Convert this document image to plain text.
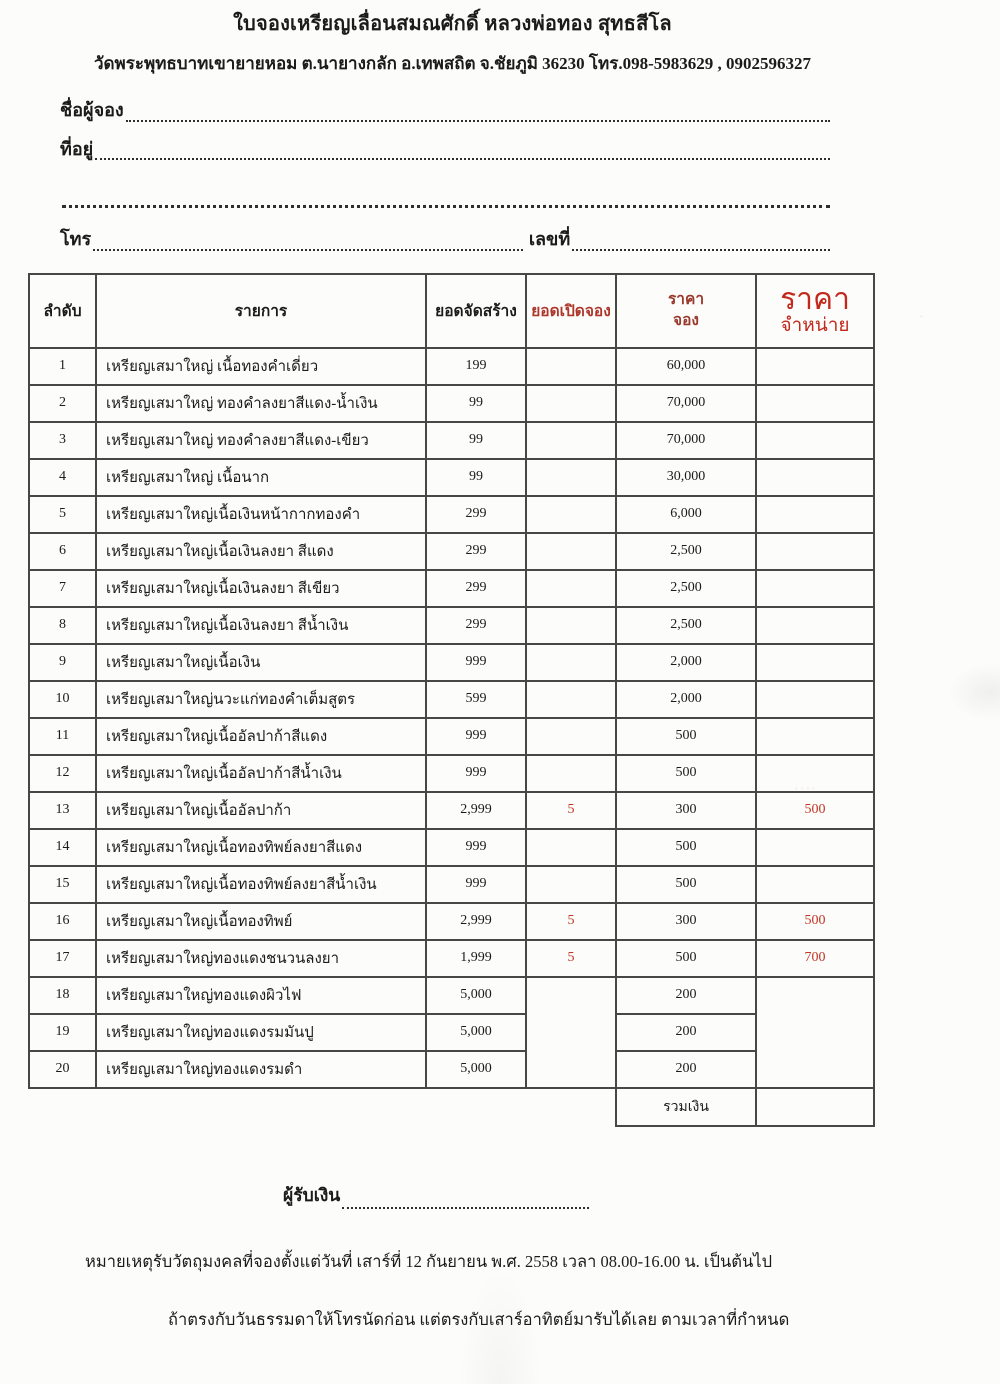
ใบจองเหรียญเลื่อนสมณศักดิ์ หลวงพ่อทอง สุทธสีโล
วัดพระพุทธบาทเขายายหอม ต.นายางกลัก อ.เทพสถิต จ.ชัยภูมิ 36230 โทร.098-5983629 , 0902596327
ชื่อผู้จอง
ที่อยู่
โทร	เลขที่
ลำดับ	รายการ	ยอดจัดสร้าง	ยอดเปิดจอง	
ราคา
จอง

ราคา
จำหน่าย

1	เหรียญเสมาใหญ่ เนื้อทองคำเดี่ยว	199		60,000	
2	เหรียญเสมาใหญ่ ทองคำลงยาสีแดง-น้ำเงิน	99		70,000	
3	เหรียญเสมาใหญ่ ทองคำลงยาสีแดง-เขียว	99		70,000	
4	เหรียญเสมาใหญ่ เนื้อนาก	99		30,000	
5	เหรียญเสมาใหญ่เนื้อเงินหน้ากากทองคำ	299		6,000	
6	เหรียญเสมาใหญ่เนื้อเงินลงยา สีแดง	299		2,500	
7	เหรียญเสมาใหญ่เนื้อเงินลงยา สีเขียว	299		2,500	
8	เหรียญเสมาใหญ่เนื้อเงินลงยา สีน้ำเงิน	299		2,500	
9	เหรียญเสมาใหญ่เนื้อเงิน	999		2,000	
10	เหรียญเสมาใหญ่นวะแก่ทองคำเต็มสูตร	599		2,000	
11	เหรียญเสมาใหญ่เนื้ออัลปาก้าสีแดง	999		500	
12	เหรียญเสมาใหญ่เนื้ออัลปาก้าสีน้ำเงิน	999		500	
13	เหรียญเสมาใหญ่เนื้ออัลปาก้า	2,999	5	300	500
14	เหรียญเสมาใหญ่เนื้อทองทิพย์ลงยาสีแดง	999		500	
15	เหรียญเสมาใหญ่เนื้อทองทิพย์ลงยาสีน้ำเงิน	999		500	
16	เหรียญเสมาใหญ่เนื้อทองทิพย์	2,999	5	300	500
17	เหรียญเสมาใหญ่ทองแดงชนวนลงยา	1,999	5	500	700
18	เหรียญเสมาใหญ่ทองแดงผิวไฟ	5,000		200	
19	เหรียญเสมาใหญ่ทองแดงรมมันปู	5,000		200	
20	เหรียญเสมาใหญ่ทองแดงรมดำ	5,000		200	
				รวมเงิน	
....
.
ผู้รับเงิน
หมายเหตุรับวัตถุมงคลที่จองตั้งแต่วันที่ เสาร์ที่ 12 กันยายน พ.ศ. 2558 เวลา 08.00-16.00 น. เป็นต้นไป
ถ้าตรงกับวันธรรมดาให้โทรนัดก่อน แต่ตรงกับเสาร์อาทิตย์มารับได้เลย ตามเวลาที่กำหนด
